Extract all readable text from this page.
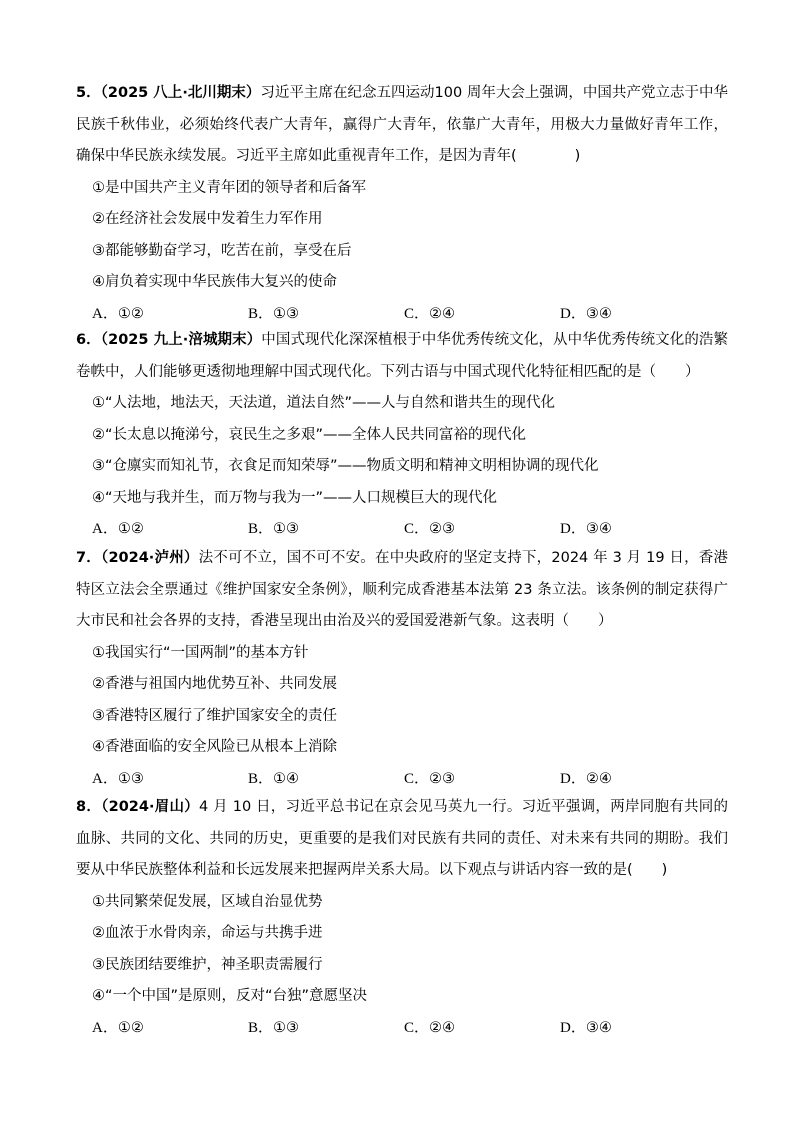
5．（2025 八上·北川期末）习近平主席在纪念五四运动100 周年大会上强调，中国共产党立志于中华民族千秋伟业，必须始终代表广大青年，赢得广大青年，依靠广大青年，用极大力量做好青年工作，确保中华民族永续发展。习近平主席如此重视青年工作，是因为青年(　　　　)

①是中国共产主义青年团的领导者和后备军

②在经济社会发展中发着生力军作用

③都能够勤奋学习，吃苦在前，享受在后

④肩负着实现中华民族伟大复兴的使命

A．①②	B．①③	C．②④	D．③④

6．（2025 九上·涪城期末）中国式现代化深深植根于中华优秀传统文化，从中华优秀传统文化的浩繁卷帙中，人们能够更透彻地理解中国式现代化。下列古语与中国式现代化特征相匹配的是（　　）

①“人法地，地法天，天法道，道法自然”——人与自然和谐共生的现代化

②“长太息以掩涕兮，哀民生之多艰”——全体人民共同富裕的现代化

③“仓廪实而知礼节，衣食足而知荣辱”——物质文明和精神文明相协调的现代化

④“天地与我并生，而万物与我为一”——人口规模巨大的现代化

A．①②	B．①③	C．②③	D．③④

7．（2024·泸州）法不可不立，国不可不安。在中央政府的坚定支持下，2024 年 3 月 19 日，香港特区立法会全票通过《维护国家安全条例》，顺利完成香港基本法第 23 条立法。该条例的制定获得广大市民和社会各界的支持，香港呈现出由治及兴的爱国爱港新气象。这表明（　　）

①我国实行“一国两制”的基本方针

②香港与祖国内地优势互补、共同发展

③香港特区履行了维护国家安全的责任

④香港面临的安全风险已从根本上消除

A．①③	B．①④	C．②③	D．②④

8．（2024·眉山）4 月 10 日，习近平总书记在京会见马英九一行。习近平强调，两岸同胞有共同的血脉、共同的文化、共同的历史，更重要的是我们对民族有共同的责任、对未来有共同的期盼。我们要从中华民族整体利益和长远发展来把握两岸关系大局。以下观点与讲话内容一致的是(　　)

①共同繁荣促发展，区域自治显优势

②血浓于水骨肉亲，命运与共携手进

③民族团结要维护，神圣职责需履行

④“一个中国”是原则，反对“台独”意愿坚决

A．①②	B．①③	C．②④	D．③④
